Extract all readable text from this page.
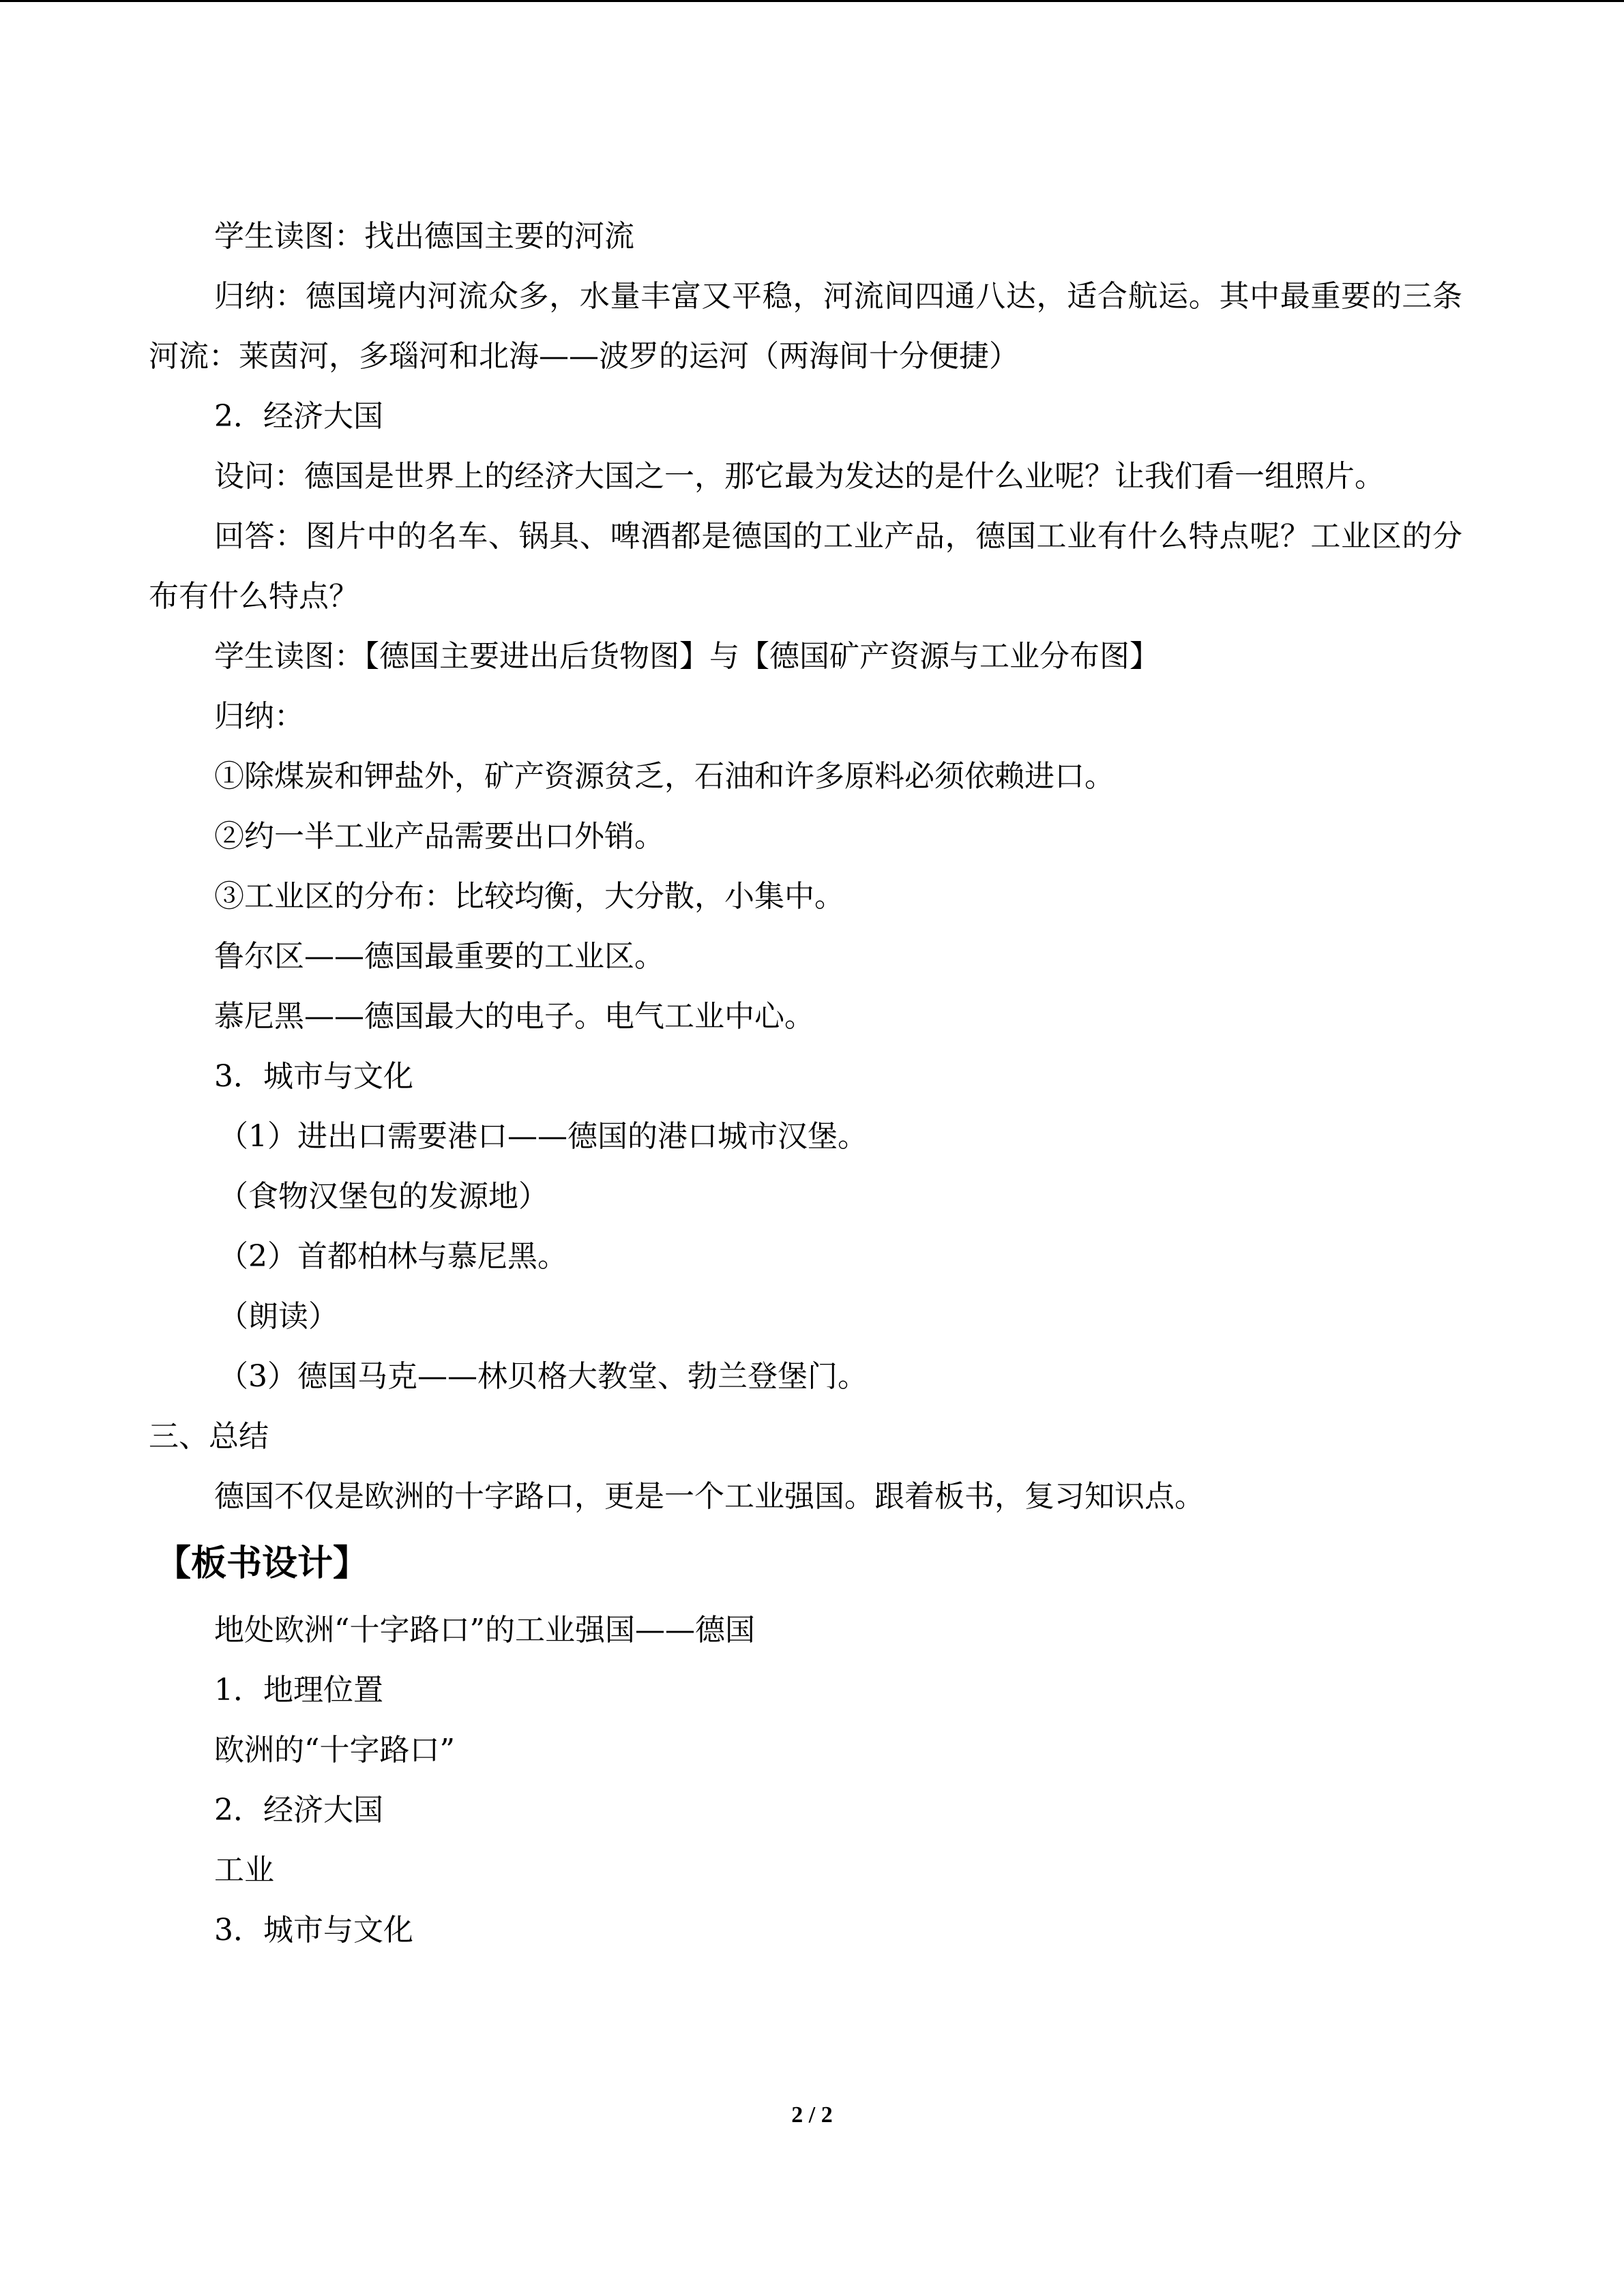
学生读图：找出德国主要的河流

归纳：德国境内河流众多，水量丰富又平稳，河流间四通八达，适合航运。其中最重要的三条河流：莱茵河，多瑙河和北海——波罗的运河（两海间十分便捷）

2．经济大国

设问：德国是世界上的经济大国之一，那它最为发达的是什么业呢？让我们看一组照片。

回答：图片中的名车、锅具、啤酒都是德国的工业产品，德国工业有什么特点呢？工业区的分布有什么特点？

学生读图：【德国主要进出后货物图】与【德国矿产资源与工业分布图】

归纳：

①除煤炭和钾盐外，矿产资源贫乏，石油和许多原料必须依赖进口。

②约一半工业产品需要出口外销。

③工业区的分布：比较均衡，大分散，小集中。

鲁尔区——德国最重要的工业区。

慕尼黑——德国最大的电子。电气工业中心。

3．城市与文化

（1）进出口需要港口——德国的港口城市汉堡。

（食物汉堡包的发源地）

（2）首都柏林与慕尼黑。

（朗读）

（3）德国马克——林贝格大教堂、勃兰登堡门。

三、总结

德国不仅是欧洲的十字路口，更是一个工业强国。跟着板书，复习知识点。

【板书设计】

地处欧洲“十字路口”的工业强国——德国

1．地理位置

欧洲的“十字路口”

2．经济大国

工业

3．城市与文化

2 / 2
